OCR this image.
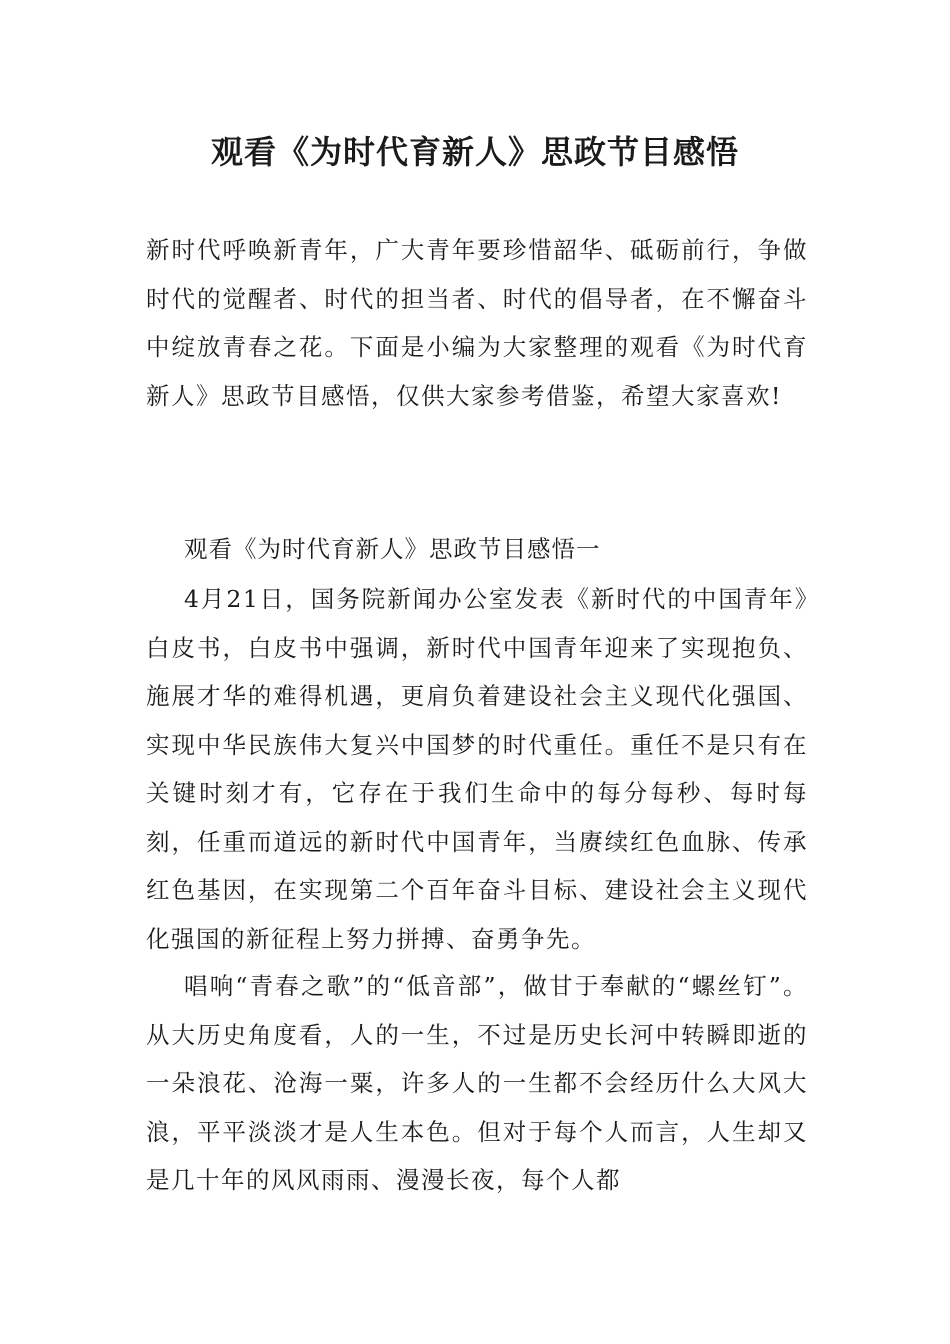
观看《为时代育新人》思政节目感悟

新时代呼唤新青年，广大青年要珍惜韶华、砥砺前行，争做时代的觉醒者、时代的担当者、时代的倡导者，在不懈奋斗中绽放青春之花。下面是小编为大家整理的观看《为时代育新人》思政节目感悟，仅供大家参考借鉴，希望大家喜欢!

观看《为时代育新人》思政节目感悟一

4月21日，国务院新闻办公室发表《新时代的中国青年》白皮书，白皮书中强调，新时代中国青年迎来了实现抱负、施展才华的难得机遇，更肩负着建设社会主义现代化强国、实现中华民族伟大复兴中国梦的时代重任。重任不是只有在关键时刻才有，它存在于我们生命中的每分每秒、每时每刻，任重而道远的新时代中国青年，当赓续红色血脉、传承红色基因，在实现第二个百年奋斗目标、建设社会主义现代化强国的新征程上努力拼搏、奋勇争先。

唱响“青春之歌”的“低音部”，做甘于奉献的“螺丝钉”。从大历史角度看，人的一生，不过是历史长河中转瞬即逝的一朵浪花、沧海一粟，许多人的一生都不会经历什么大风大浪，平平淡淡才是人生本色。但对于每个人而言，人生却又是几十年的风风雨雨、漫漫长夜，每个人都
